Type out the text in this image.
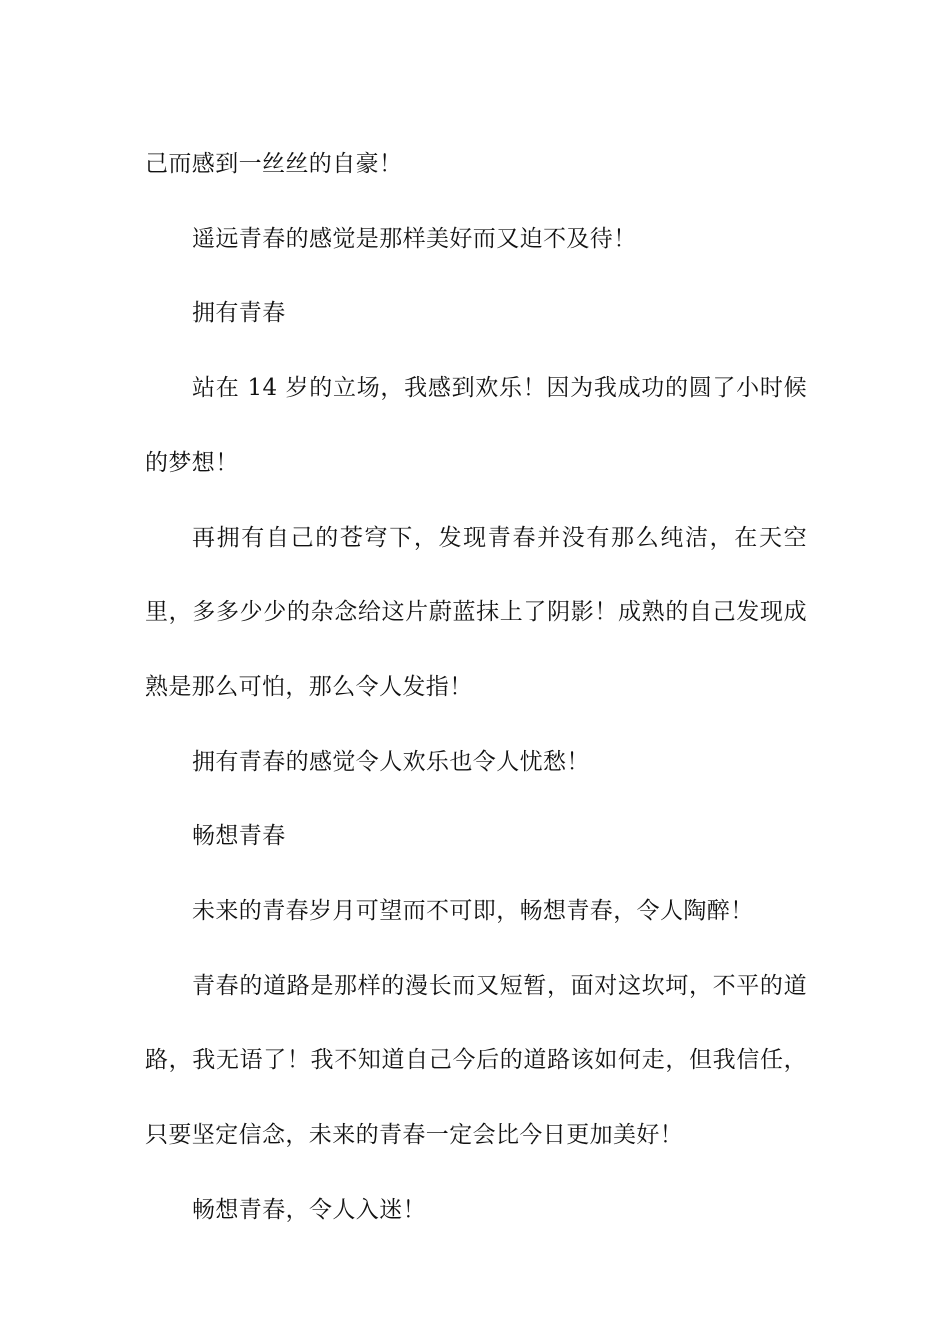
己而感到一丝丝的自豪！

遥远青春的感觉是那样美好而又迫不及待！

拥有青春

站在 14 岁的立场，我感到欢乐！因为我成功的圆了小时候的梦想！

再拥有自己的苍穹下，发现青春并没有那么纯洁，在天空里，多多少少的杂念给这片蔚蓝抹上了阴影！成熟的自己发现成熟是那么可怕，那么令人发指！

拥有青春的感觉令人欢乐也令人忧愁！

畅想青春

未来的青春岁月可望而不可即，畅想青春，令人陶醉！

青春的道路是那样的漫长而又短暂，面对这坎坷，不平的道路，我无语了！我不知道自己今后的道路该如何走，但我信任，只要坚定信念，未来的青春一定会比今日更加美好！

畅想青春，令人入迷！
